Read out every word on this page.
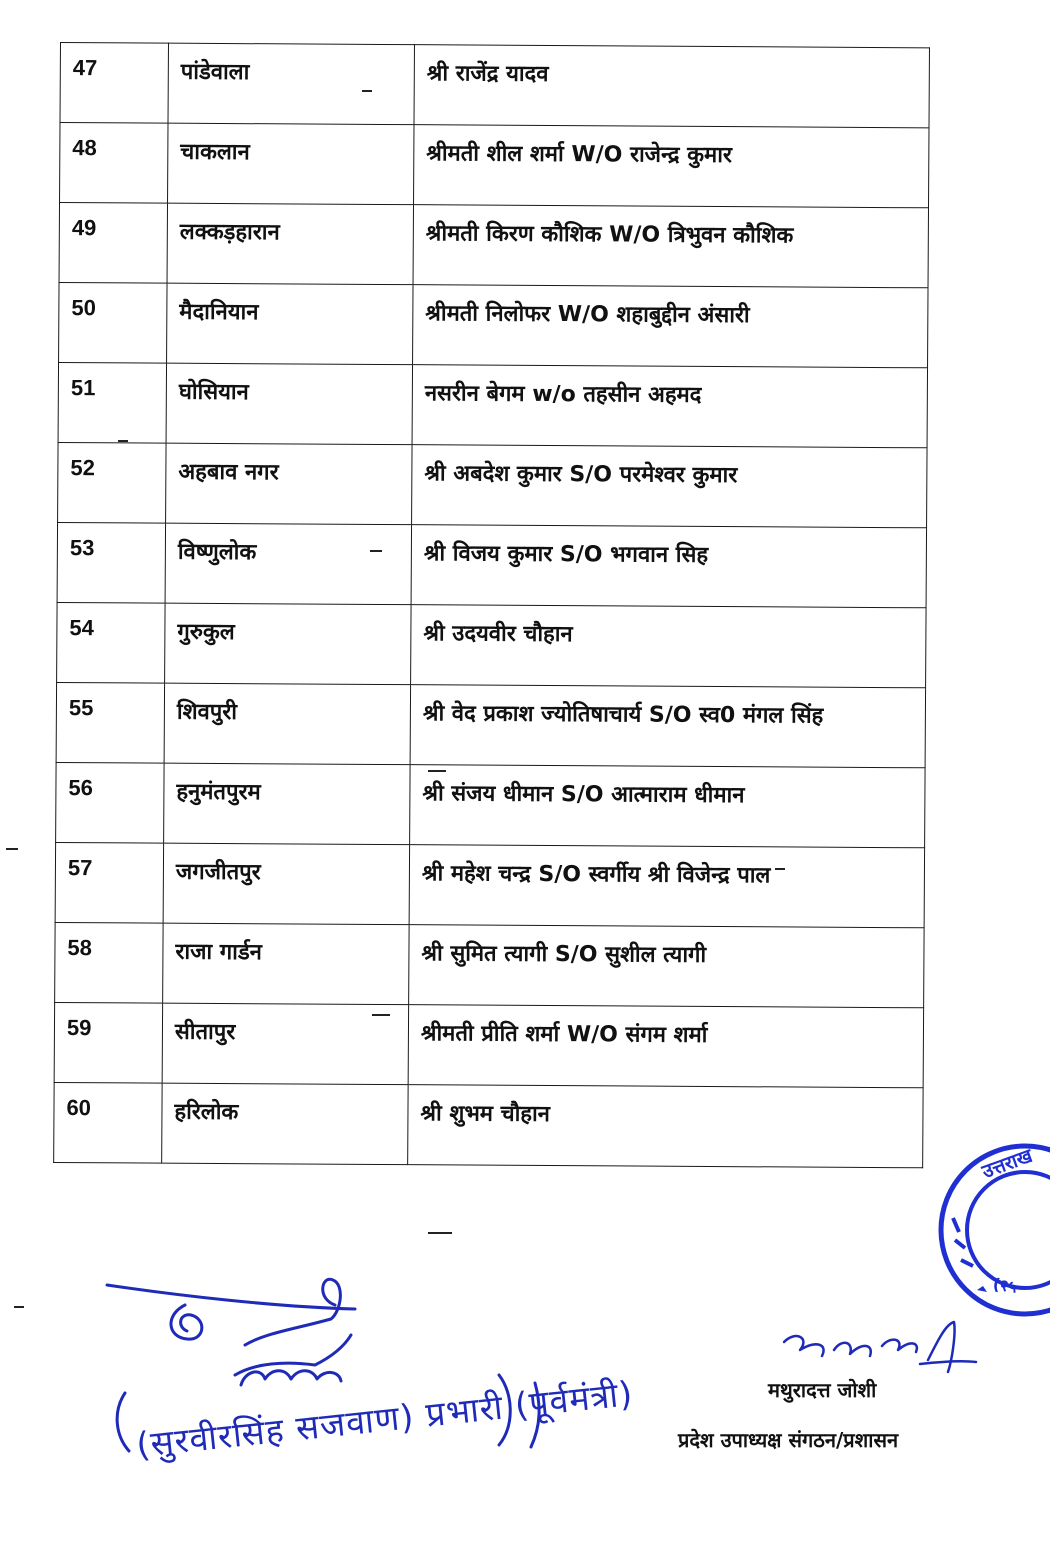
47	पांडेवाला	श्री राजेंद्र यादव
48	चाकलान	श्रीमती शील शर्मा W/O राजेन्द्र कुमार
49	लक्कड़हारान	श्रीमती किरण कौशिक W/O त्रिभुवन कौशिक
50	मैदानियान	श्रीमती निलोफर W/O शहाबुद्दीन अंसारी
51	घोसियान	नसरीन बेगम w/o तहसीन अहमद
52	अहबाव नगर	श्री अबदेश कुमार S/O परमेश्वर कुमार
53	विष्णुलोक	श्री विजय कुमार S/O भगवान सिह
54	गुरुकुल	श्री उदयवीर चौहान
55	शिवपुरी	श्री वेद प्रकाश ज्योतिषाचार्य S/O स्व0 मंगल सिंह
56	हनुमंतपुरम	श्री संजय धीमान S/O आत्माराम धीमान
57	जगजीतपुर	श्री महेश चन्द्र S/O स्वर्गीय श्री विजेन्द्र पाल
58	राजा गार्डन	श्री सुमित त्यागी S/O सुशील त्यागी
59	सीतापुर	श्रीमती प्रीति शर्मा W/O संगम शर्मा
60	हरिलोक	श्री शुभम चौहान
(सुरवीरसिंह सजवाण) प्रभारी (पूर्वमंत्री)	मथुरादत्त जोशी
प्रदेश उपाध्यक्ष संगठन/प्रशासन
उत्तराख
(२५
